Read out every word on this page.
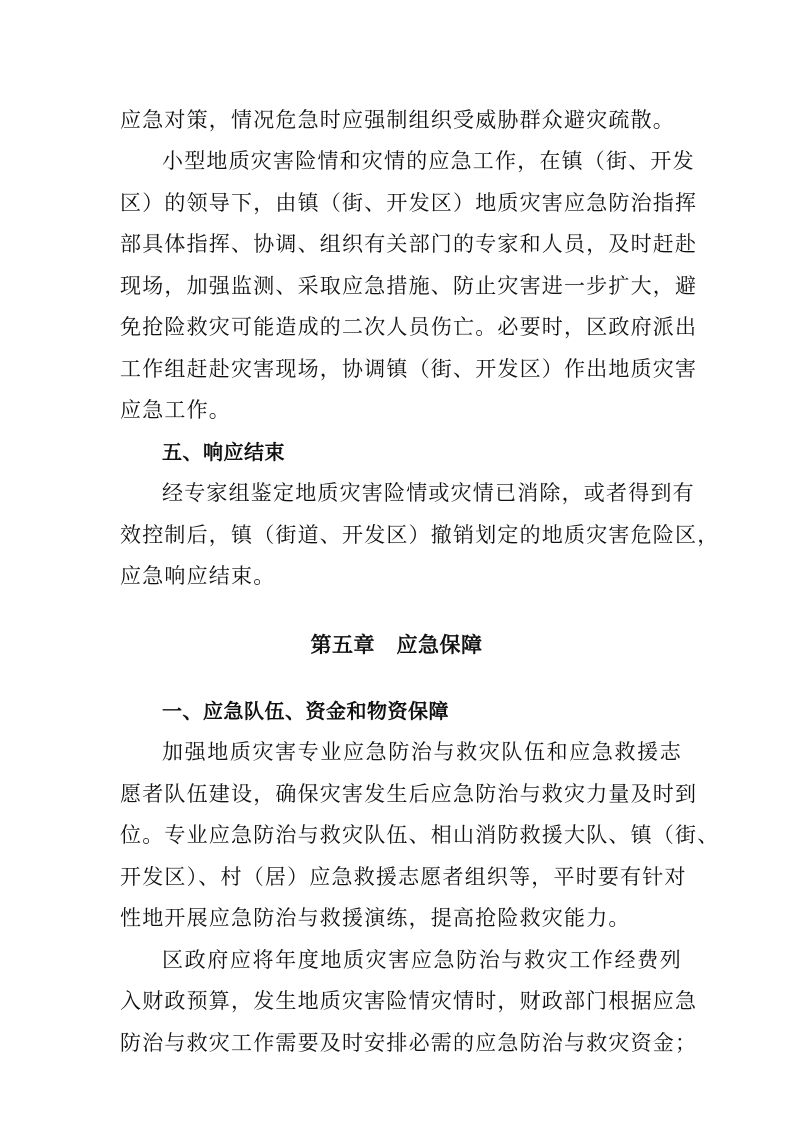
应急对策，情况危急时应强制组织受威胁群众避灾疏散。
小型地质灾害险情和灾情的应急工作，在镇（街、开发
区）的领导下，由镇（街、开发区）地质灾害应急防治指挥
部具体指挥、协调、组织有关部门的专家和人员，及时赶赴
现场，加强监测、采取应急措施、防止灾害进一步扩大，避
免抢险救灾可能造成的二次人员伤亡。必要时，区政府派出
工作组赶赴灾害现场，协调镇（街、开发区）作出地质灾害
应急工作。
五、响应结束
经专家组鉴定地质灾害险情或灾情已消除，或者得到有
效控制后，镇（街道、开发区）撤销划定的地质灾害危险区，
应急响应结束。
第五章　应急保障
一、应急队伍、资金和物资保障
加强地质灾害专业应急防治与救灾队伍和应急救援志
愿者队伍建设，确保灾害发生后应急防治与救灾力量及时到
位。专业应急防治与救灾队伍、相山消防救援大队、镇（街、
开发区）、村（居）应急救援志愿者组织等，平时要有针对
性地开展应急防治与救援演练，提高抢险救灾能力。
区政府应将年度地质灾害应急防治与救灾工作经费列
入财政预算，发生地质灾害险情灾情时，财政部门根据应急
防治与救灾工作需要及时安排必需的应急防治与救灾资金；
